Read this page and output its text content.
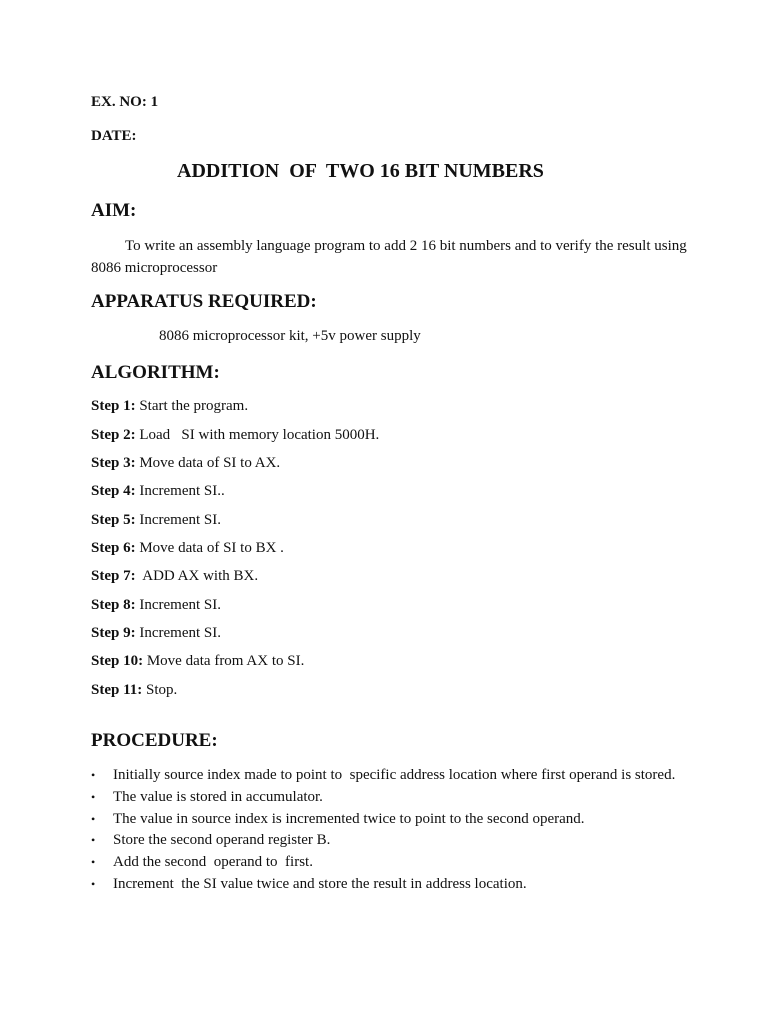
EX. NO: 1
DATE:
ADDITION  OF  TWO 16 BIT NUMBERS
AIM:
To write an assembly language program to add 2 16 bit numbers and to verify the result using 8086 microprocessor
APPARATUS REQUIRED:
8086 microprocessor kit, +5v power supply
ALGORITHM:
Step 1: Start the program.
Step 2: Load   SI with memory location 5000H.
Step 3: Move data of SI to AX.
Step 4: Increment SI..
Step 5: Increment SI.
Step 6: Move data of SI to BX .
Step 7:  ADD AX with BX.
Step 8: Increment SI.
Step 9: Increment SI.
Step 10: Move data from AX to SI.
Step 11: Stop.
PROCEDURE:
• Initially source index made to point to  specific address location where first operand is stored.
• The value is stored in accumulator.
• The value in source index is incremented twice to point to the second operand.
• Store the second operand register B.
• Add the second  operand to  first.
• Increment  the SI value twice and store the result in address location.
